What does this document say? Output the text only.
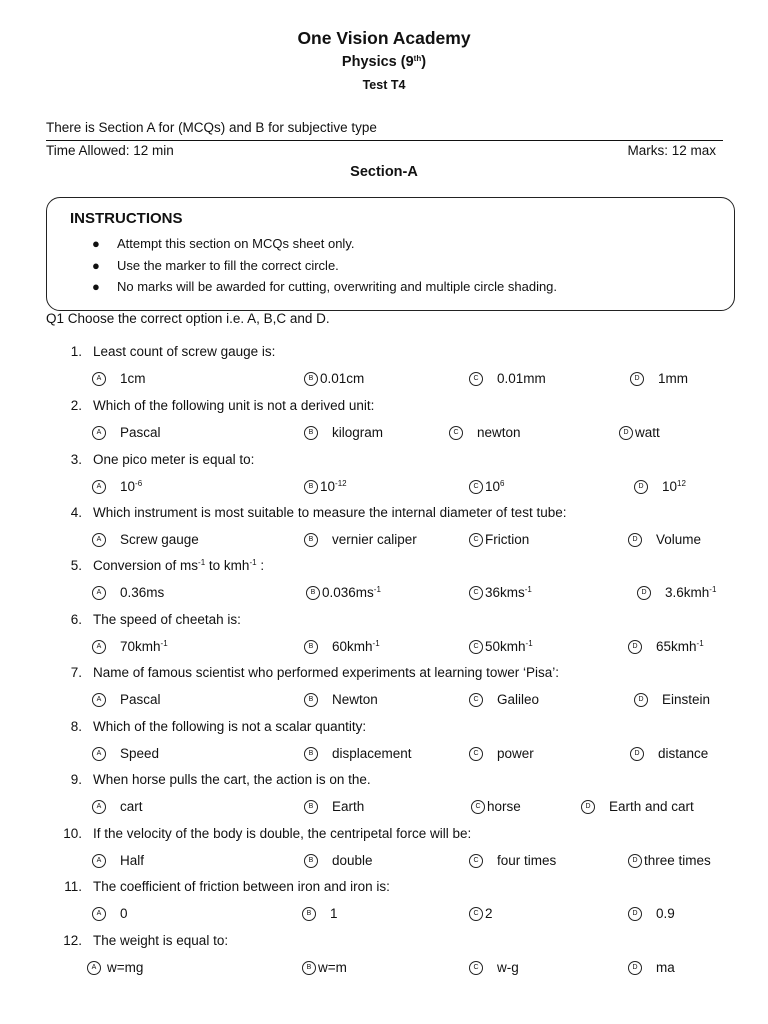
One Vision Academy
Physics (9th)
Test T4
There is Section A for (MCQs) and B for subjective type
Time Allowed: 12 min	Marks: 12 max
Section-A
INSTRUCTIONS
● Attempt this section on MCQs sheet only.
● Use the marker to fill the correct circle.
● No marks will be awarded for cutting, overwriting and multiple circle shading.
Q1 Choose the correct option i.e. A, B,C and D.
1. Least count of screw gauge is:
A	1cm	B 0.01cm	C	0.01mm	D	1mm
2. Which of the following unit is not a derived unit:
A	Pascal	B	kilogram	C	newton	D watt
3. One pico meter is equal to:
A	$10^{-6}$	B $10^{-12}$	C $10^6$	D	$10^{12}$
4. Which instrument is most suitable to measure the internal diameter of test tube:
A	Screw gauge	B	vernier caliper	C Friction	D	Volume
5. Conversion of $ms^{-1}$ to kmh$^{-1}$ :
A	0.36ms	B $0.036ms^{-1}$	C 36kms$^{-1}$	D	3.6kmh$^{-1}$
6. The speed of cheetah is:
A	70kmh$^{-1}$	B	60kmh$^{-1}$	C 50kmh$^{-1}$	D	65kmh$^{-1}$
7. Name of famous scientist who performed experiments at learning tower ‘Pisa’:
A	Pascal	B	Newton	C	Galileo	D	Einstein
8. Which of the following is not a scalar quantity:
A	Speed	B	displacement	C	power	D	distance
9. When horse pulls the cart, the action is on the.
A	cart	B	Earth	C horse	D	Earth and cart
10. If the velocity of the body is double, the centripetal force will be:
A	Half	B	double	C	four times	D three times
11. The coefficient of friction between iron and iron is:
A	0	B	1	C 2	D	0.9
12. The weight is equal to:
A w=mg	B w=m	C	w-g	D	ma
